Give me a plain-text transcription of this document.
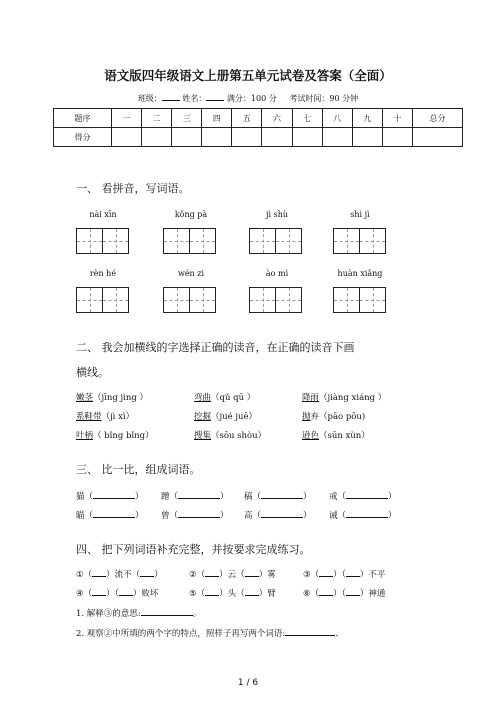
语文版四年级语文上册第五单元试卷及答案（全面）
班级：	姓名：	满分：100 分 考试时间：90 分钟
题序	一	二	三	四	五	六	七	八	九	十	总分
得分											
一、 看拼音，写词语。
nài xīn	kǒng pà	jì shù	shì jì
rèn hé	wén zi	ào mì	huàn xiǎng
二、 我会加横线的字选择正确的读音，在正确的读音下画
横线。
嫩茎（jīng jìng ）	弯曲（qǔ qū ）	降雨（jiàng xiáng ）
系鞋带（jì xì）	挖掘（jué juē）	抛弃（pāo pōu)
叶柄（ bǐng bǐng）	搜集（sōu shòu）	逊色（sūn xùn）
三、 比一比，组成词语。
猫（	） 蹭（	） 稿（	） 戒（	）
瞄（	） 曾（	） 高（	） 诫（	）
四、 把下列词语补充完整，并按要求完成练习。
①（ ）流不（ ）	②（ ）云（ ）雾	③（ ）（ ）不平
④（ ）（ ）败坏	⑤（ ）头（ ）臂	⑥（ ）（ ）神通
1. 解释③的意思:	。
2. 观察②中所填的两个字的特点，照样子再写两个词语:	、
1 / 6
